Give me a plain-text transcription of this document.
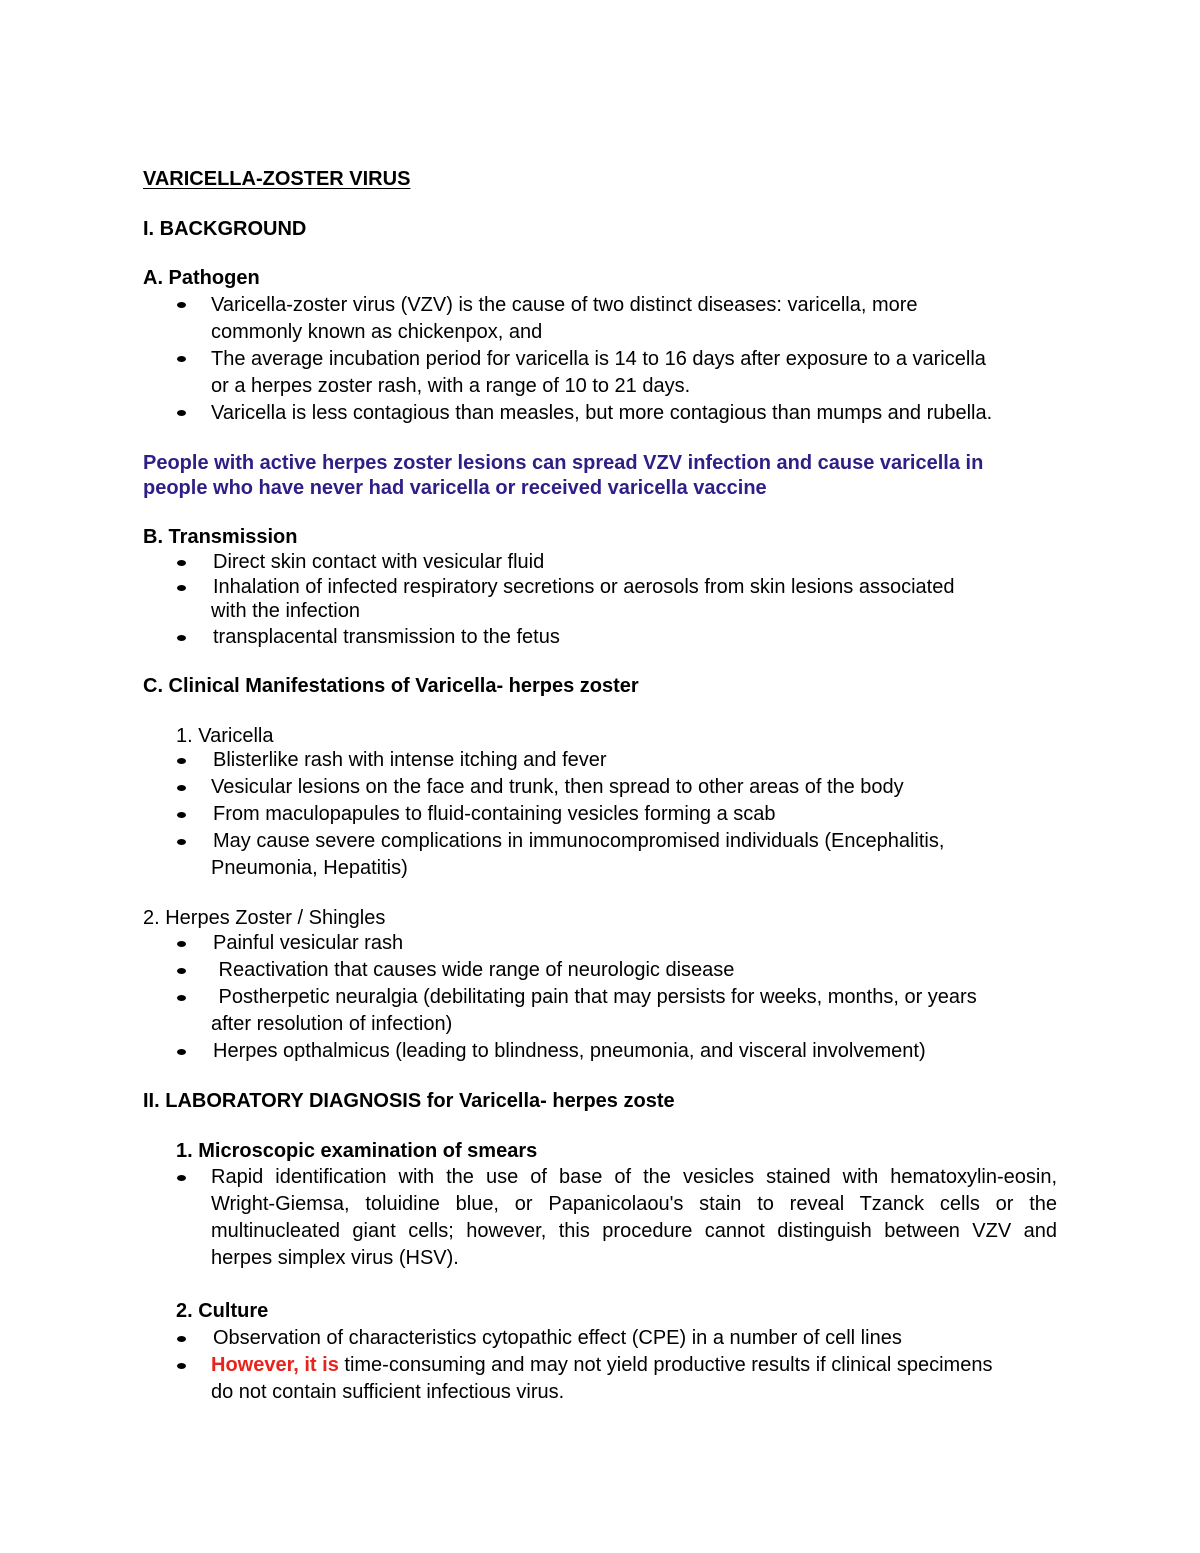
VARICELLA-ZOSTER VIRUS
I. BACKGROUND
A. Pathogen
Varicella-zoster virus (VZV) is the cause of two distinct diseases: varicella, more
commonly known as chickenpox, and
The average incubation period for varicella is 14 to 16 days after exposure to a varicella
or a herpes zoster rash, with a range of 10 to 21 days.
Varicella is less contagious than measles, but more contagious than mumps and rubella.
People with active herpes zoster lesions can spread VZV infection and cause varicella in
people who have never had varicella or received varicella vaccine
B. Transmission
Direct skin contact with vesicular fluid
Inhalation of infected respiratory secretions or aerosols from skin lesions associated
with the infection
transplacental transmission to the fetus
C. Clinical Manifestations of Varicella- herpes zoster
1. Varicella
Blisterlike rash with intense itching and fever
Vesicular lesions on the face and trunk, then spread to other areas of the body
From maculopapules to fluid-containing vesicles forming a scab
May cause severe complications in immunocompromised individuals (Encephalitis,
Pneumonia, Hepatitis)
2. Herpes Zoster / Shingles
Painful vesicular rash
Reactivation that causes wide range of neurologic disease
Postherpetic neuralgia (debilitating pain that may persists for weeks, months, or years
after resolution of infection)
Herpes opthalmicus (leading to blindness, pneumonia, and visceral involvement)
II. LABORATORY DIAGNOSIS for Varicella- herpes zoste
1. Microscopic examination of smears
Rapid identification with the use of base of the vesicles stained with hematoxylin-eosin,
Wright-Giemsa, toluidine blue, or Papanicolaou's stain to reveal Tzanck cells or the
multinucleated giant cells; however, this procedure cannot distinguish between VZV and
herpes simplex virus (HSV).
2. Culture
Observation of characteristics cytopathic effect (CPE) in a number of cell lines
However, it is time-consuming and may not yield productive results if clinical specimens
do not contain sufficient infectious virus.
